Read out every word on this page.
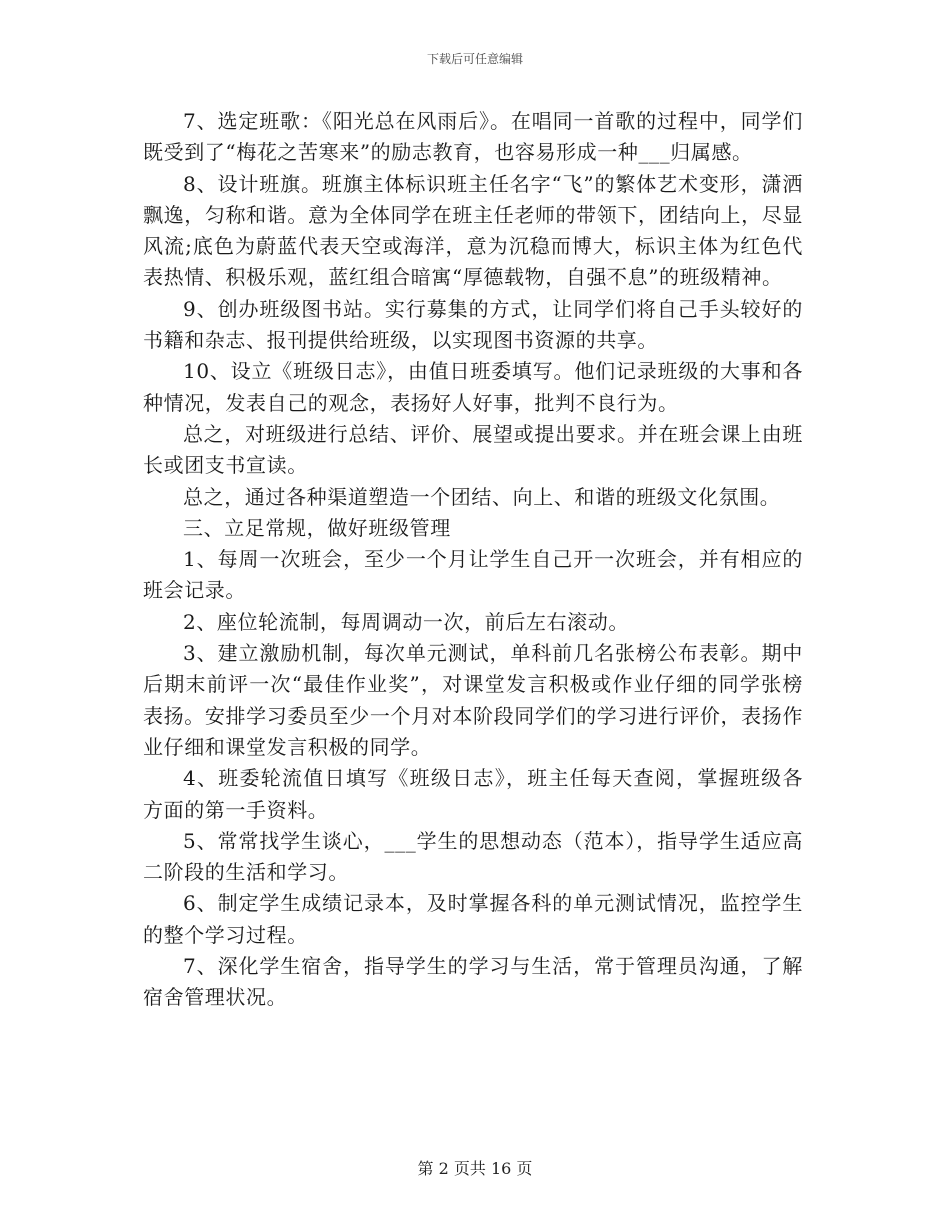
下载后可任意编辑

7、选定班歌：《阳光总在风雨后》。在唱同一首歌的过程中，同学们既受到了“梅花之苦寒来”的励志教育，也容易形成一种___归属感。

8、设计班旗。班旗主体标识班主任名字“飞”的繁体艺术变形，潇洒飘逸，匀称和谐。意为全体同学在班主任老师的带领下，团结向上，尽显风流;底色为蔚蓝代表天空或海洋，意为沉稳而博大，标识主体为红色代表热情、积极乐观，蓝红组合暗寓“厚德载物，自强不息”的班级精神。

9、创办班级图书站。实行募集的方式，让同学们将自己手头较好的书籍和杂志、报刊提供给班级，以实现图书资源的共享。

10、设立《班级日志》，由值日班委填写。他们记录班级的大事和各种情况，发表自己的观念，表扬好人好事，批判不良行为。

总之，对班级进行总结、评价、展望或提出要求。并在班会课上由班长或团支书宣读。

总之，通过各种渠道塑造一个团结、向上、和谐的班级文化氛围。

三、立足常规，做好班级管理

1、每周一次班会，至少一个月让学生自己开一次班会，并有相应的班会记录。

2、座位轮流制，每周调动一次，前后左右滚动。

3、建立激励机制，每次单元测试，单科前几名张榜公布表彰。期中后期末前评一次“最佳作业奖”，对课堂发言积极或作业仔细的同学张榜表扬。安排学习委员至少一个月对本阶段同学们的学习进行评价，表扬作业仔细和课堂发言积极的同学。

4、班委轮流值日填写《班级日志》，班主任每天查阅，掌握班级各方面的第一手资料。

5、常常找学生谈心，___学生的思想动态（范本），指导学生适应高二阶段的生活和学习。

6、制定学生成绩记录本，及时掌握各科的单元测试情况，监控学生的整个学习过程。

7、深化学生宿舍，指导学生的学习与生活，常于管理员沟通，了解宿舍管理状况。

第 2 页共 16 页
